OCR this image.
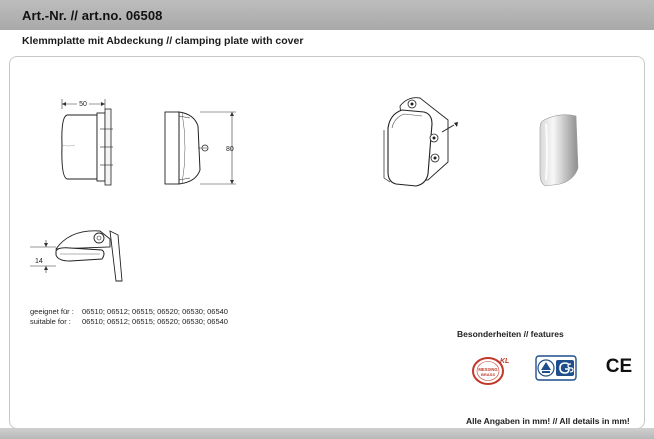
Art.-Nr. // art.no. 06508
Klemmplatte mit Abdeckung // clamping plate with cover
50
80
14
geeignet für : 06510; 06512; 06515; 06520; 06530; 06540
suitable for : 06510; 06512; 06515; 06520; 06530; 06540
Besonderheiten // features
MESSING
BRASS
KL	CE
Alle Angaben in mm! // All details in mm!
